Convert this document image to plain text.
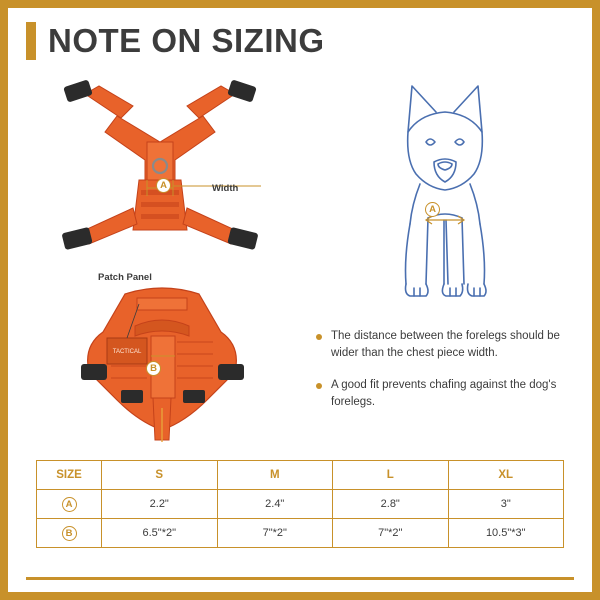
NOTE ON SIZING
A	Width
TACTICAL
Patch Panel
B
A
The distance between the forelegs should be wider than the chest piece width.
A good fit prevents chafing against the dog's forelegs.
SIZE	S	M	L	XL
A	2.2"	2.4"	2.8"	3"
B	6.5"*2"	7"*2"	7"*2"	10.5"*3"
